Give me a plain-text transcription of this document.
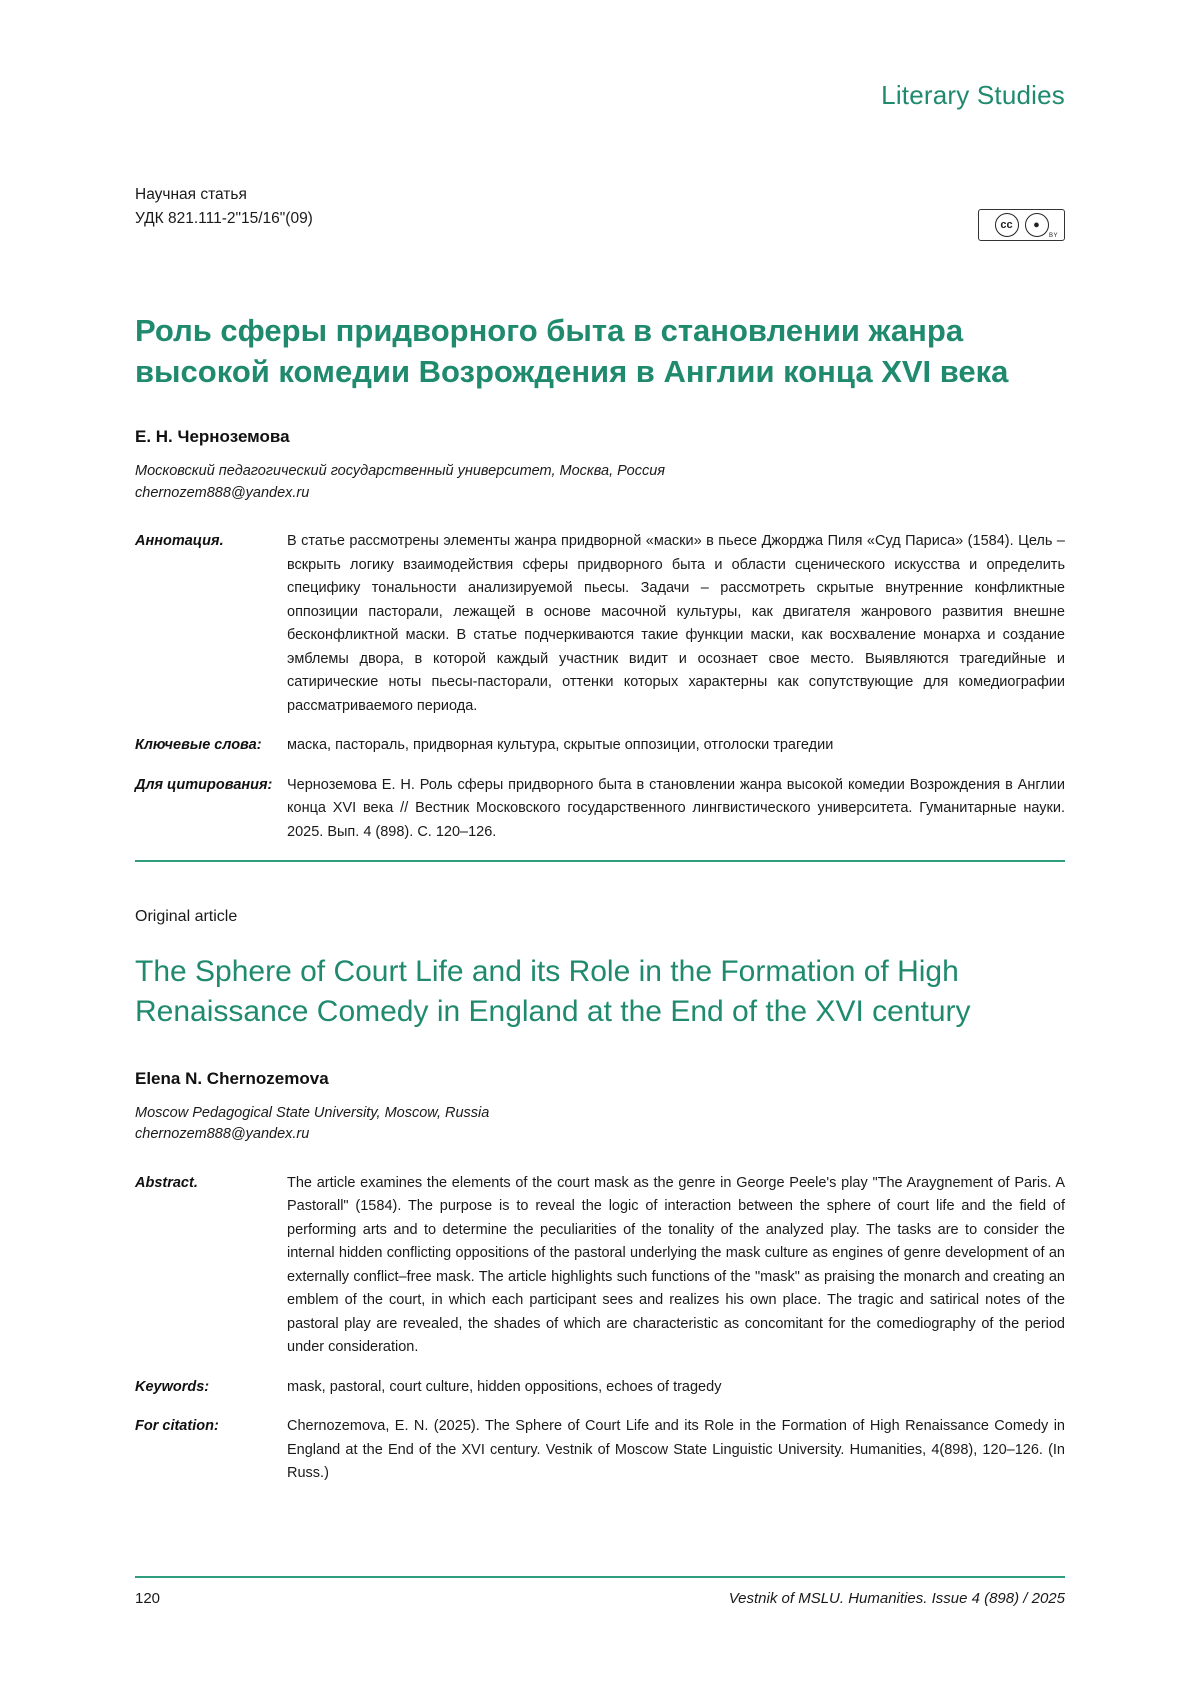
Literary Studies
Научная статья
УДК 821.111-2"15/16"(09)	cc	●
BY
Роль сферы придворного быта в становлении жанра высокой комедии Возрождения в Англии конца XVI века
Е. Н. Черноземова
Московский педагогический государственный университет, Москва, Россия
chernozem888@yandex.ru
Аннотация.	В статье рассмотрены элементы жанра придворной «маски» в пьесе Джорджа Пиля «Суд Париса» (1584). Цель – вскрыть логику взаимодействия сферы придворного быта и области сценического искусства и определить специфику тональности анализируемой пьесы. Задачи – рассмотреть скрытые внутренние конфликтные оппозиции пасторали, лежащей в основе масочной культуры, как двигателя жанрового развития внешне бесконфликтной маски. В статье подчеркиваются такие функции маски, как восхваление монарха и создание эмблемы двора, в которой каждый участник видит и осознает свое место. Выявляются трагедийные и сатирические ноты пьесы-пасторали, оттенки которых характерны как сопутствующие для комедиографии рассматриваемого периода.
Ключевые слова:	маска, пастораль, придворная культура, скрытые оппозиции, отголоски трагедии
Для цитирования:	Черноземова Е. Н. Роль сферы придворного быта в становлении жанра высокой комедии Возрождения в Англии конца XVI века // Вестник Московского государственного лингвистического университета. Гуманитарные науки. 2025. Вып. 4 (898). С. 120–126.
Original article
The Sphere of Court Life and its Role in the Formation of High Renaissance Comedy in England at the End of the XVI century
Elena N. Chernozemova
Moscow Pedagogical State University, Moscow, Russia
chernozem888@yandex.ru
Abstract.	The article examines the elements of the court mask as the genre in George Peele's play "The Araygnement of Paris. A Pastorall" (1584). The purpose is to reveal the logic of interaction between the sphere of court life and the field of performing arts and to determine the peculiarities of the tonality of the analyzed play. The tasks are to consider the internal hidden conflicting oppositions of the pastoral underlying the mask culture as engines of genre development of an externally conflict–free mask. The article highlights such functions of the "mask" as praising the monarch and creating an emblem of the court, in which each participant sees and realizes his own place. The tragic and satirical notes of the pastoral play are revealed, the shades of which are characteristic as concomitant for the comediography of the period under consideration.
Keywords:	mask, pastoral, court culture, hidden oppositions, echoes of tragedy
For citation:	Chernozemova, E. N. (2025). The Sphere of Court Life and its Role in the Formation of High Renaissance Comedy in England at the End of the XVI century. Vestnik of Moscow State Linguistic University. Humanities, 4(898), 120–126. (In Russ.)
120	Vestnik of MSLU. Humanities. Issue 4 (898) / 2025
